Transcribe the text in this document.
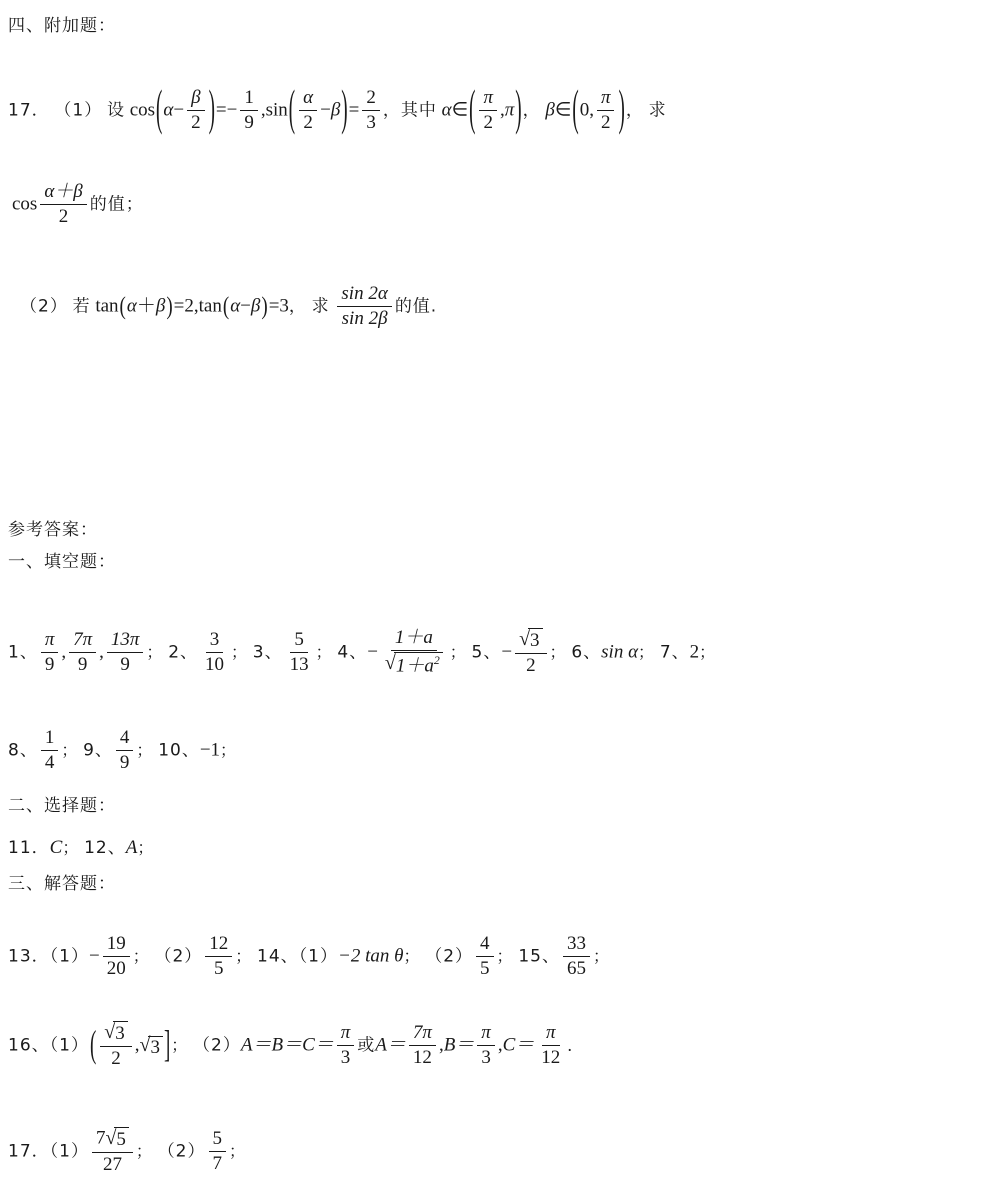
四、附加题：
17． （1） 设 $\cos(\alpha- \frac{\beta}{2}$ )=− $\frac{1}{9} ,\sin( \frac{\alpha}{2} -\beta)= \frac{2}{3}$ ，其中 α∈( $\frac{\pi}{2} ,\pi$)， β∈(0, $\frac{\pi}{2}$ )， 求
$\cos \frac{\alpha+\beta}{2}$ 的值；
（2） 若 tan(α＋β)=2,tan(α−β)=3， 求 $\frac{\sin 2\alpha}{\sin 2\beta}$ 的值.
参考答案：
一、填空题：
1、 $\frac{\pi}{9}$ , $\frac{7\pi}{9}$ , $\frac{13\pi}{9}$ ； 2、 $\frac{3}{10}$ ； 3、 $\frac{5}{13}$ ； 4、− $\frac{1+a}{√ 1+a^2}$ ； 5、− $\frac{√ 3}{2}$ ； 6、sin α； 7、2；
8、 $\frac{1}{4}$ ； 9、 $\frac{4}{9}$ ； 10、−1；
二、选择题：
11．C； 12、A；
三、解答题：
13．$(1)- \frac{19}{20}$ ； $(2) \frac{12}{5}$ ； 14、（1）−2 tan θ； $(2) \frac{4}{5}$ ； 15、 $\frac{33}{65}$ ；
16、$(1)( \frac{√ 3}{2}$ , √ 3 ]； $(2)A=B=C= \frac{\pi}{3}$ 或$A= \frac{7\pi}{12} ,B= \frac{\pi}{3} ,C= \frac{\pi}{12}$ ．
17．$(1) \frac{7 √ 5}{27}$ ； $(2) \frac{5}{7}$ ；
